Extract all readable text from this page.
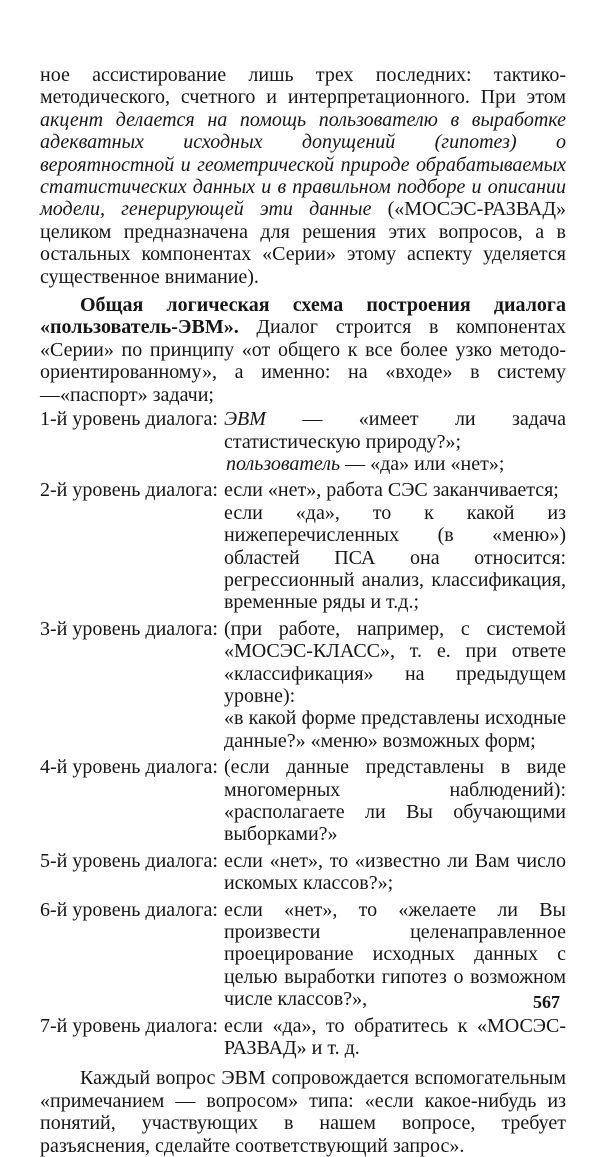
ное ассистирование лишь трех последних: тактико-методического, счетного и интерпретационного. При этом акцент делается на помощь пользователю в выработке адекватных исходных допущений (гипотез) о вероятностной и геометрической природе обрабатываемых статистических данных и в правильном подборе и описании модели, генерирующей эти данные («МОСЭС-РАЗВАД» целиком предназначена для решения этих вопросов, а в остальных компонентах «Серии» этому аспекту уделяется существенное внимание).

Общая логическая схема построения диалога «пользователь-ЭВМ». Диалог строится в компонентах «Серии» по принципу «от общего к все более узко методо-ориентированному», а именно: на «входе» в систему—«паспорт» задачи;

1-й уровень диалога: ЭВМ — «имеет ли задача статистическую природу?»;
пользователь — «да» или «нет»;
2-й уровень диалога: если «нет», работа СЭС заканчивается;
если «да», то к какой из нижеперечисленных (в «меню») областей ПСА она относится: регрессионный анализ, классификация, временные ряды и т.д.;
3-й уровень диалога: (при работе, например, с системой «МОСЭС-КЛАСС», т. е. при ответе «классификация» на предыдущем уровне):
«в какой форме представлены исходные данные?» «меню» возможных форм;
4-й уровень диалога: (если данные представлены в виде многомерных наблюдений): «располагаете ли Вы обучающими выборками?»
5-й уровень диалога: если «нет», то «известно ли Вам число искомых классов?»;
6-й уровень диалога: если «нет», то «желаете ли Вы произвести целенаправленное проецирование исходных данных с целью выработки гипотез о возможном числе классов?»,
7-й уровень диалога: если «да», то обратитесь к «МОСЭС-РАЗВАД» и т. д.

Каждый вопрос ЭВМ сопровождается вспомогательным «примечанием — вопросом» типа: «если какое-нибудь из понятий, участвующих в нашем вопросе, требует разъяснения, сделайте соответствующий запрос».

567
